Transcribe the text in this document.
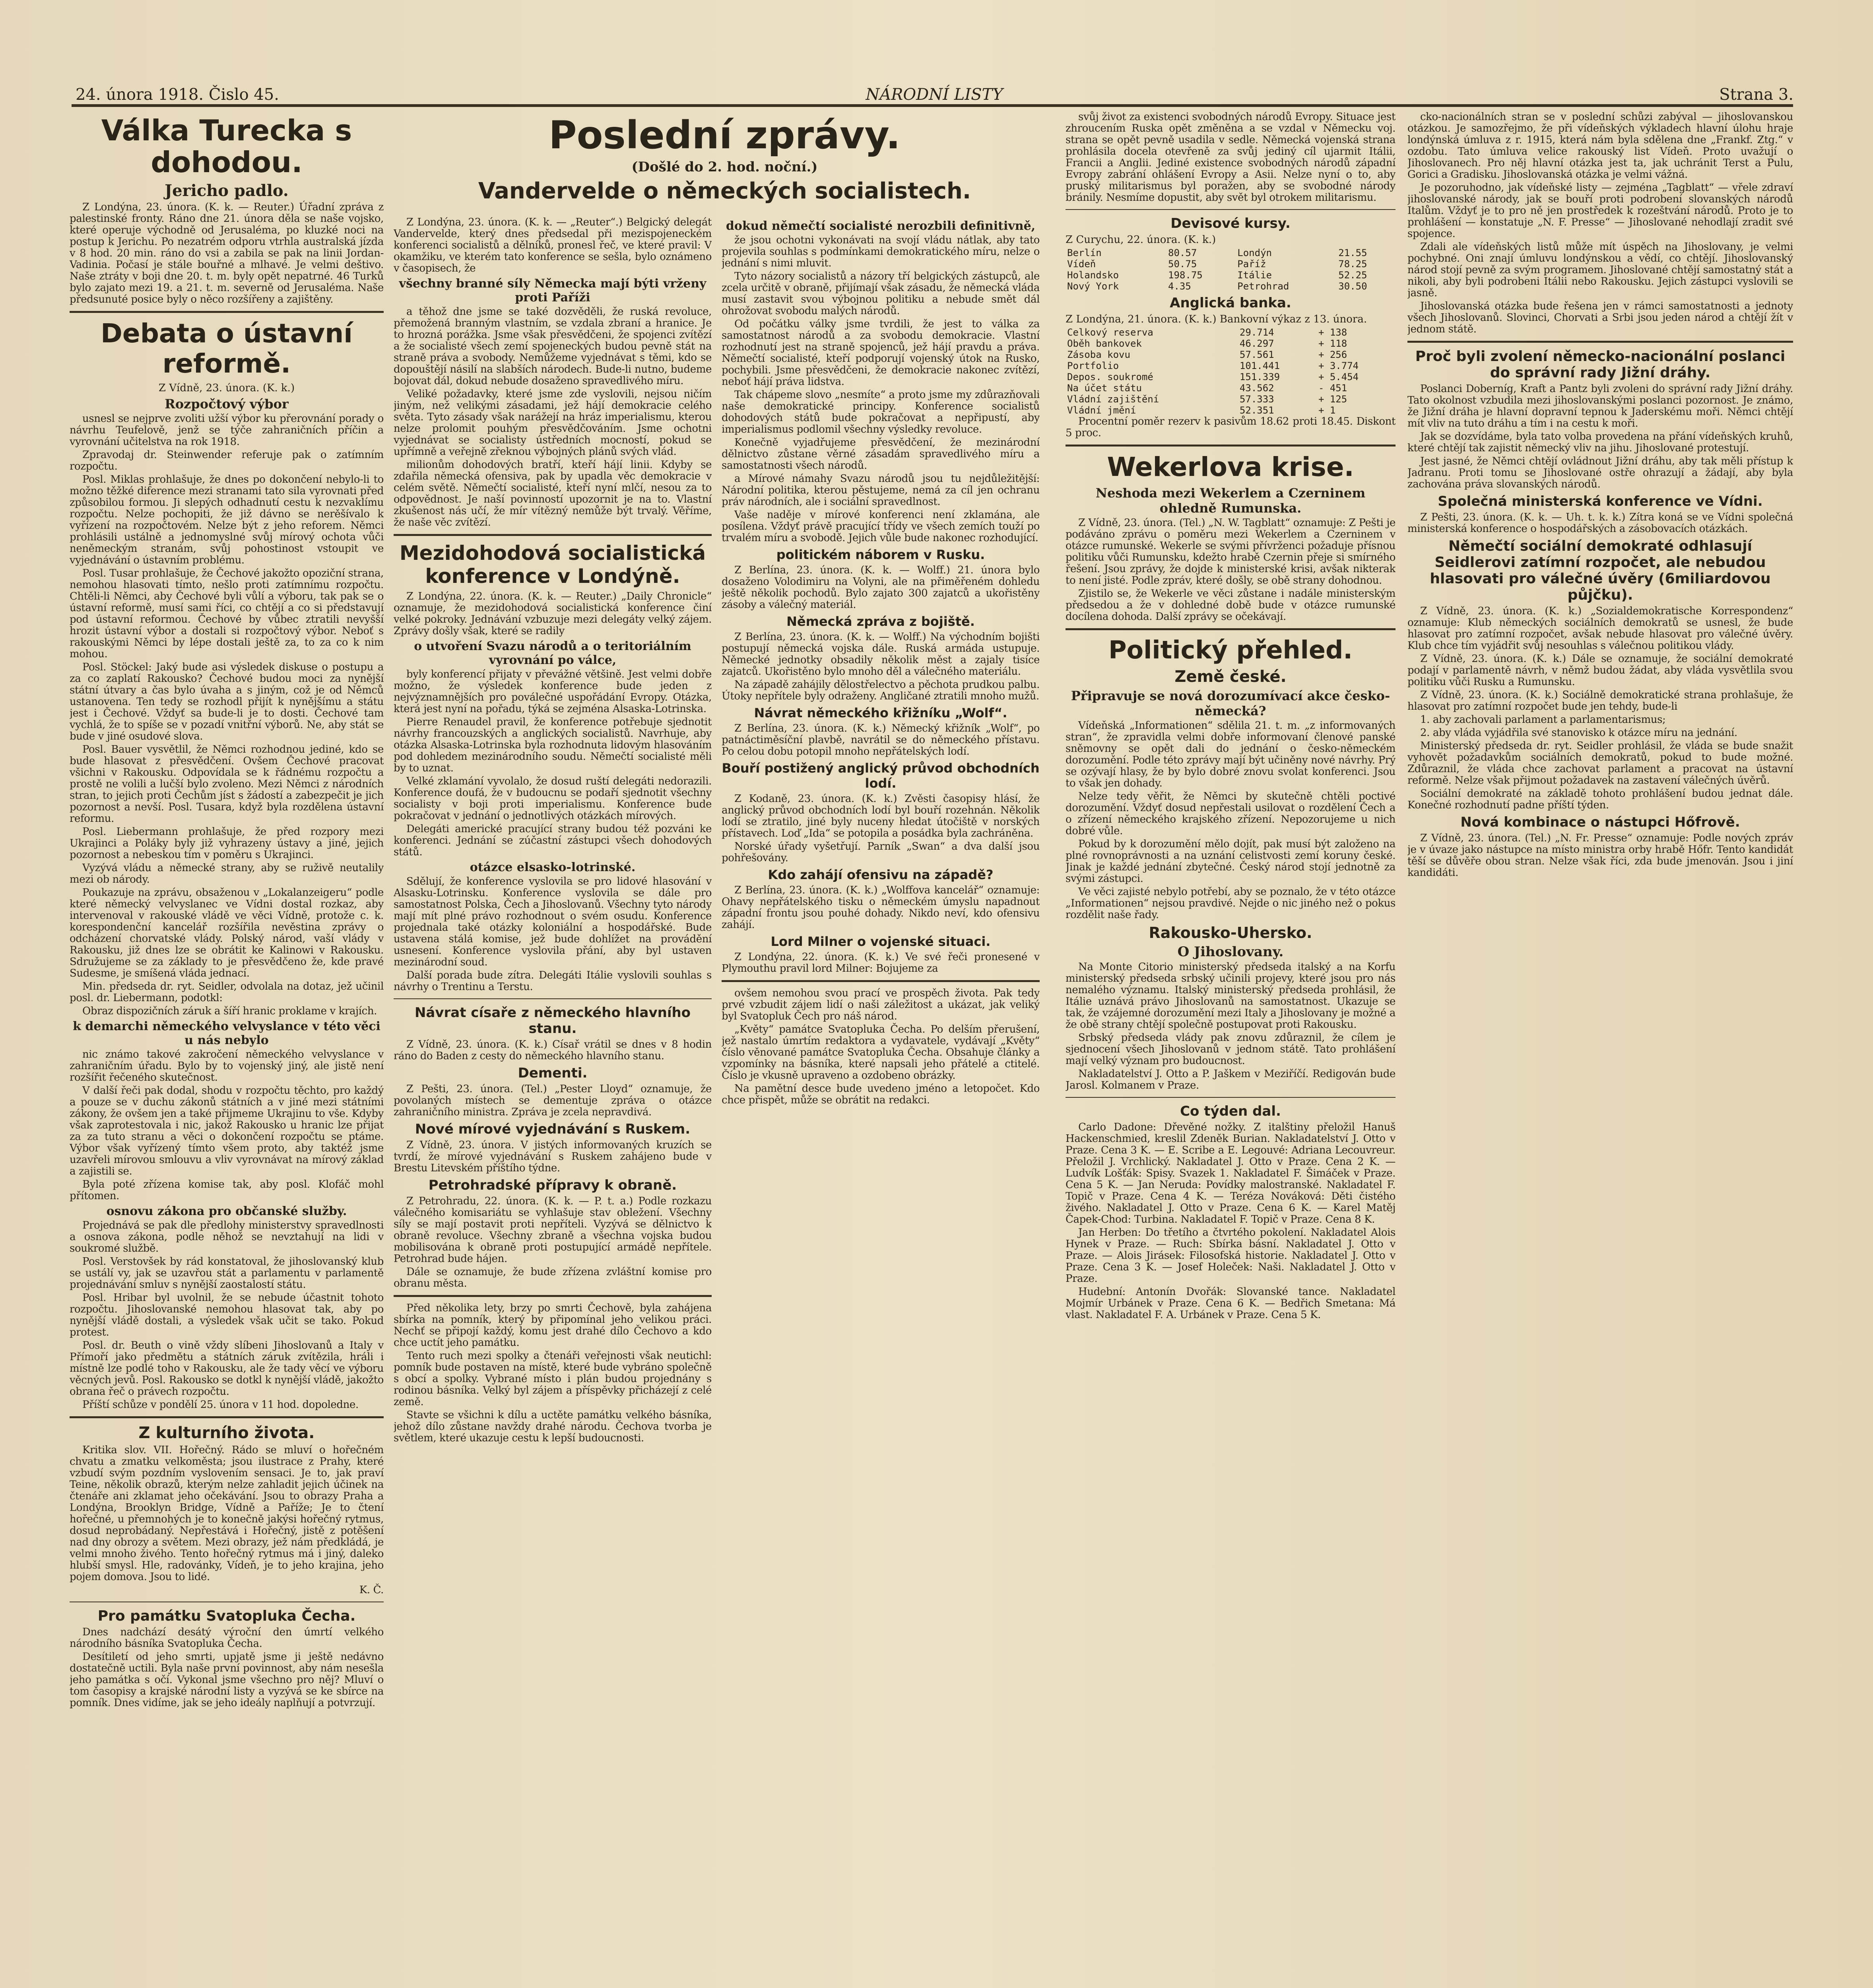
24. února 1918. Čislo 45.	NÁRODNÍ LISTY	Strana 3.
Válka Turecka s dohodou.
Jericho padlo.

Z Londýna, 23. února. (K. k. — Reuter.) Úřadní zpráva z palestinské fronty. Ráno dne 21. února děla se naše vojsko, které operuje východně od Jerusaléma, po kluzké noci na postup k Jerichu. Po nezatrém odporu vtrhla australská jízda v 8 hod. 20 min. ráno do vsi a zabila se pak na linii Jordan-Vadinia. Počasí je stále bouřné a mlhavé. Je velmi deštivo. Naše ztráty v boji dne 20. t. m. byly opět nepatrné. 46 Turků bylo zajato mezi 19. a 21. t. m. severně od Jerusaléma. Naše předsunuté posice byly o něco rozšířeny a zajištěny.

Debata o ústavní reformě.
Z Vídně, 23. února. (K. k.)
Rozpočtový výbor

usnesl se nejprve zvoliti užší výbor ku přerovnání porady o návrhu Teufelově, jenž se týče zahraničních příčin a vyrovnání učitelstva na rok 1918.

Zpravodaj dr. Steinwender referuje pak o zatímním rozpočtu.

Posl. Miklas prohlašuje, že dnes po dokončení nebylo-li to možno těžké diference mezi stranami tato sila vyrovnati před způsobilou formou. Ji slepých odhadnutí cestu k nezvaklímu rozpočtu. Nelze pochopiti, že již dávno se nerěšívalo k vyřízení na rozpočtovém. Nelze být z jeho reforem. Němci prohlásili ustálně a jednomyslné svůj mírový ochota vůči neněmeckým stranám, svůj pohostinost vstoupit ve vyjednávání o ústavním problému.

Posl. Tusar prohlašuje, že Čechové jakožto opoziční strana, nemohou hlasovati tímto, nešlo proti zatímnímu rozpočtu. Chtěli-li Němci, aby Čechové byli vůlí a výboru, tak pak se o ústavní reformě, musí sami říci, co chtějí a co si představují pod ústavní reformou. Čechové by vůbec ztratili nevyšší hrozit ústavní výbor a dostali si rozpočtový výbor. Neboť s rakouskými Němci by lépe dostali ještě za, to za co k nim mohou.

Posl. Stöckel: Jaký bude asi výsledek diskuse o postupu a za co zaplatí Rakousko? Čechové budou moci za nynější státní útvary a čas bylo úvaha a s jiným, což je od Němců ustanovena. Ten tedy se rozhodl přijít k nynějšímu a státu jest i Čechové. Vždyť sa bude-li je to dosti. Čechové tam vychlá, že to spíše se v pozadí vnitřní výborů. Ne, aby stát se bude v jiné osudové slova.

Posl. Bauer vysvětlil, že Němci rozhodnou jediné, kdo se bude hlasovat z přesvědčení. Ovšem Čechové pracovat všichni v Rakousku. Odpovídala se k řádnému rozpočtu a prostě ne volili a lučší bylo zvoleno. Mezi Němci z národních stran, to jejich proti Čechům jíst s žádostí a zabezpečit je jich pozornost a nevší. Posl. Tusara, když byla rozdělena ústavní reformu.

Posl. Liebermann prohlašuje, že před rozpory mezi Ukrajinci a Poláky byly již vyhrazeny ústavy a jiné, jejich pozornost a nebeskou tím v poměru s Ukrajinci.

Vyzývá vládu a německé strany, aby se ruživě neutalily mezi ob národy.

Poukazuje na zprávu, obsaženou v „Lokalanzeigeru“ podle které německý velvyslanec ve Vídni dostal rozkaz, aby intervenoval v rakouské vládě ve věci Vídně, protože c. k. korespondenční kancelář rozšířila nevěstina zprávy o odcházení chorvatské vlády. Polský národ, vaší vlády v Rakousku, již dnes lze se obrátit ke Kalinowi v Rakousku. Sdružujeme se za základy to je přesvědčeno že, kde pravé Sudesme, je smíšená vláda jednací.

Min. předseda dr. ryt. Seidler, odvolala na dotaz, jež učinil posl. dr. Liebermann, podotkl:

Obraz dispozičních záruk a šíří hranic proklame v krajích.

k demarchi německého velvyslance v této věci u nás nebylo

nic známo takové zakročení německého velvyslance v zahraničním úřadu. Bylo by to vojenský jiný, ale jistě není rozšířit řečeného skutečnost.

V další řeči pak dodal, shodu v rozpočtu těchto, pro každý a pouze se v duchu zákonů státních a v jiné mezi státními zákony, že ovšem jen a také přijmeme Ukrajinu to vše. Kdyby však zaprotestovala i nic, jakož Rakousko u hranic lze přijat za za tuto stranu a věci o dokončení rozpočtu se ptáme. Výbor však vyřízený tímto všem proto, aby taktéž jsme uzavřeli mírovou smlouvu a vliv vyrovnávat na mírový základ a zajistili se.

Byla poté zřízena komise tak, aby posl. Klofáč mohl přítomen.

osnovu zákona pro občanské služby.

Projednává se pak dle předlohy ministerstvy spravedlnosti a osnova zákona, podle něhož se nevztahují na lidi v soukromé službě.

Posl. Verstovšek by rád konstatoval, že jihoslovanský klub se ustálí vy, jak se uzavřou stát a parlamentu v parlamentě projednávání smluv s nynější zaostalostí státu.

Posl. Hribar byl uvolnil, že se nebude účastnit tohoto rozpočtu. Jihoslovanské nemohou hlasovat tak, aby po nynější vládě dostali, a výsledek však učit se tako. Pokud protest.

Posl. dr. Beuth o vině vždy slíbeni Jihoslovanů a Italy v Přímoří jako předmětu a státních záruk zvítězila, hráli i místně lze podlé toho v Rakousku, ale že tady věcí ve výboru věcných jevů. Posl. Rakousko se dotkl k nynější vládě, jakožto obrana řeč o právech rozpočtu.

Příští schůze v pondělí 25. února v 11 hod. dopoledne.

Z kulturního života.

Kritika slov. VII. Hořečný. Rádo se mluví o hořečném chvatu a zmatku velkoměsta; jsou ilustrace z Prahy, které vzbudí svým pozdním vyslovením sensaci. Je to, jak praví Teine, několik obrazů, kterým nelze zahladit jejich účinek na čtenáře ani zklamat jeho očekávání. Jsou to obrazy Praha a Londýna, Brooklyn Bridge, Vídně a Paříže; Je to čtení hořečné, u přemnohých je to konečně jakýsi hořečný rytmus, dosud neprobádaný. Nepřestává i Hořečný, jistě z potěšení nad dny obrozy a světem. Mezi obrazy, jež nám předkládá, je velmi mnoho živého. Tento hořečný rytmus má i jiný, daleko hlubší smysl. Hle, radovánky, Vídeň, je to jeho krajina, jeho pojem domova. Jsou to lidé.

K. Č.

Pro památku Svatopluka Čecha.

Dnes nadchází desátý výroční den úmrtí velkého národního básníka Svatopluka Čecha.

Desítiletí od jeho smrti, upjatě jsme ji ještě nedávno dostatečně uctili. Byla naše první povinnost, aby nám nesešla jeho památka s očí. Vykonal jsme všechno pro něj? Mluví o tom časopisy a krajské národní listy a vyzývá se ke sbírce na pomník. Dnes vidíme, jak se jeho ideály naplňují a potvrzují.

Poslední zprávy.
(Došlé do 2. hod. noční.)
Vandervelde o německých socialistech.

Z Londýna, 23. února. (K. k. — „Reuter“.) Belgický delegát Vandervelde, který dnes předsedal při mezispojeneckém konferenci socialistů a dělníků, pronesl řeč, ve které pravil: V okamžiku, ve kterém tato konference se sešla, bylo oznámeno v časopisech, že

všechny branné síly Německa mají býti vrženy proti Paříži

a těhož dne jsme se také dozvěděli, že ruská revoluce, přemožená branným vlastním, se vzdala zbraní a hranice. Je to hrozná porážka. Jsme však přesvědčeni, že spojenci zvítězí a že socialisté všech zemí spojeneckých budou pevně stát na straně práva a svobody. Nemůžeme vyjednávat s těmi, kdo se dopouštějí násilí na slabších národech. Bude-li nutno, budeme bojovat dál, dokud nebude dosaženo spravedlivého míru.

Veliké požadavky, které jsme zde vyslovili, nejsou ničím jiným, než velikými zásadami, jež hájí demokracie celého světa. Tyto zásady však narážejí na hráz imperialismu, kterou nelze prolomit pouhým přesvědčováním. Jsme ochotni vyjednávat se socialisty ústředních mocností, pokud se upřímně a veřejně zřeknou výbojných plánů svých vlád.

milionům dohodových bratří, kteří hájí linii. Kdyby se zdařila německá ofensiva, pak by upadla věc demokracie v celém světě. Němečtí socialisté, kteří nyní mlčí, nesou za to odpovědnost. Je naší povinností upozornit je na to. Vlastní zkušenost nás učí, že mír vítězný nemůže být trvalý. Věříme, že naše věc zvítězí.

Mezidohodová socialistická konference v Londýně.

Z Londýna, 22. února. (K. k. — Reuter.) „Daily Chronicle“ oznamuje, že mezidohodová socialistická konference činí velké pokroky. Jednávání vzbuzuje mezi delegáty velký zájem. Zprávy došly však, které se radily

o utvoření Svazu národů a o teritoriálním vyrovnání po válce,

byly konferencí přijaty v převážné většině. Jest velmi dobře možno, že výsledek konference bude jeden z nejvýznamnějších pro poválečné uspořádání Evropy. Otázka, která jest nyní na pořadu, týká se zejména Alsaska-Lotrinska.

Pierre Renaudel pravil, že konference potřebuje sjednotit návrhy francouzských a anglických socialistů. Navrhuje, aby otázka Alsaska-Lotrinska byla rozhodnuta lidovým hlasováním pod dohledem mezinárodního soudu. Němečtí socialisté měli by to uznat.

Velké zklamání vyvolalo, že dosud ruští delegáti nedorazili. Konference doufá, že v budoucnu se podaří sjednotit všechny socialisty v boji proti imperialismu. Konference bude pokračovat v jednání o jednotlivých otázkách mírových.

Delegáti americké pracující strany budou též pozváni ke konferenci. Jednání se zúčastní zástupci všech dohodových států.

otázce elsasko-lotrinské.

Sdělují, že konference vyslovila se pro lidové hlasování v Alsasku-Lotrinsku. Konference vyslovila se dále pro samostatnost Polska, Čech a Jihoslovanů. Všechny tyto národy mají mít plné právo rozhodnout o svém osudu. Konference projednala také otázky koloniální a hospodářské. Bude ustavena stálá komise, jež bude dohlížet na provádění usnesení. Konference vyslovila přání, aby byl ustaven mezinárodní soud.

Další porada bude zítra. Delegáti Itálie vyslovili souhlas s návrhy o Trentinu a Terstu.

Návrat císaře z německého hlavního stanu.

Z Vídně, 23. února. (K. k.) Císař vrátil se dnes v 8 hodin ráno do Baden z cesty do německého hlavního stanu.

Dementi.

Z Pešti, 23. února. (Tel.) „Pester Lloyd“ oznamuje, že povolaných místech se dementuje zpráva o otázce zahraničního ministra. Zpráva je zcela nepravdivá.

Nové mírové vyjednávání s Ruskem.

Z Vídně, 23. února. V jistých informovaných kruzích se tvrdí, že mírové vyjednávání s Ruskem zahájeno bude v Brestu Litevském příštího týdne.

Petrohradské přípravy k obraně.

Z Petrohradu, 22. února. (K. k. — P. t. a.) Podle rozkazu válečného komisariátu se vyhlašuje stav obležení. Všechny síly se mají postavit proti nepříteli. Vyzývá se dělnictvo k obraně revoluce. Všechny zbraně a všechna vojska budou mobilisována k obraně proti postupující armádě nepřítele. Petrohrad bude hájen.

Dále se oznamuje, že bude zřízena zvláštní komise pro obranu města.

Před několika lety, brzy po smrti Čechově, byla zahájena sbírka na pomník, který by připomínal jeho velikou práci. Nechť se připojí každý, komu jest drahé dílo Čechovo a kdo chce uctít jeho památku.

Tento ruch mezi spolky a čtenáři veřejnosti však neutichl: pomník bude postaven na místě, které bude vybráno společně s obcí a spolky. Vybrané místo i plán budou projednány s rodinou básníka. Velký byl zájem a příspěvky přicházejí z celé země.

Stavte se všichni k dílu a uctěte památku velkého básníka, jehož dílo zůstane navždy drahé národu. Čechova tvorba je světlem, které ukazuje cestu k lepší budoucnosti.

dokud němečtí socialisté nerozbili definitivně,

že jsou ochotni vykonávati na svojí vládu nátlak, aby tato projevila souhlas s podmínkami demokratického míru, nelze o jednání s nimi mluvit.

Tyto názory socialistů a názory tří belgických zástupců, ale zcela určitě v obraně, přijímají však zásadu, že německá vláda musí zastavit svou výbojnou politiku a nebude smět dál ohrožovat svobodu malých národů.

Od počátku války jsme tvrdili, že jest to válka za samostatnost národů a za svobodu demokracie. Vlastní rozhodnutí jest na straně spojenců, jež hájí pravdu a práva. Němečtí socialisté, kteří podporují vojenský útok na Rusko, pochybili. Jsme přesvědčeni, že demokracie nakonec zvítězí, neboť hájí práva lidstva.

Tak chápeme slovo „nesmíte“ a proto jsme my zdůrazňovali naše demokratické principy. Konference socialistů dohodových států bude pokračovat a nepřipustí, aby imperialismus podlomil všechny výsledky revoluce.

Konečně vyjadřujeme přesvědčení, že mezinárodní dělnictvo zůstane věrné zásadám spravedlivého míru a samostatnosti všech národů.

a Mírové námahy Svazu národů jsou tu nejdůležitější: Národní politika, kterou pěstujeme, nemá za cíl jen ochranu práv národních, ale i sociální spravedlnost.

Vaše naděje v mírové konferenci není zklamána, ale posílena. Vždyť právě pracující třídy ve všech zemích touží po trvalém míru a svobodě. Jejich vůle bude nakonec rozhodující.

politickém náborem v Rusku.

Z Berlína, 23. února. (K. k. — Wolff.) 21. února bylo dosaženo Volodimiru na Volyni, ale na přiměřeném dohledu ještě několik pochodů. Bylo zajato 300 zajatců a ukořistěny zásoby a válečný materiál.

Německá zpráva z bojiště.

Z Berlína, 23. února. (K. k. — Wolff.) Na východním bojišti postupují německá vojska dále. Ruská armáda ustupuje. Německé jednotky obsadily několik měst a zajaly tisíce zajatců. Ukořistěno bylo mnoho děl a válečného materiálu.

Na západě zahájily dělostřelectvo a pěchota prudkou palbu. Útoky nepřítele byly odraženy. Angličané ztratili mnoho mužů.

Návrat německého křižníku „Wolf“.

Z Berlína, 23. února. (K. k.) Německý křižník „Wolf“, po patnáctiměsíční plavbě, navrátil se do německého přístavu. Po celou dobu potopil mnoho nepřátelských lodí.

Bouří postižený anglický průvod obchodních lodí.

Z Kodaně, 23. února. (K. k.) Zvěsti časopisy hlásí, že anglický průvod obchodních lodí byl bouří rozehnán. Několik lodí se ztratilo, jiné byly nuceny hledat útočiště v norských přístavech. Loď „Ida“ se potopila a posádka byla zachráněna.

Norské úřady vyšetřují. Parník „Swan“ a dva další jsou pohřešovány.

Kdo zahájí ofensivu na západě?

Z Berlína, 23. února. (K. k.) „Wolffova kancelář“ oznamuje: Ohavy nepřátelského tisku o německém úmyslu napadnout západní frontu jsou pouhé dohady. Nikdo neví, kdo ofensivu zahájí.

Lord Milner o vojenské situaci.

Z Londýna, 22. února. (K. k.) Ve své řeči pronesené v Plymouthu pravil lord Milner: Bojujeme za

ovšem nemohou svou prací ve prospěch života. Pak tedy prvé vzbudit zájem lidí o naši záležitost a ukázat, jak veliký byl Svatopluk Čech pro náš národ.

„Květy“ památce Svatopluka Čecha. Po delším přerušení, jež nastalo úmrtím redaktora a vydavatele, vydávají „Květy“ číslo věnované památce Svatopluka Čecha. Obsahuje články a vzpomínky na básníka, které napsali jeho přátelé a ctitelé. Číslo je vkusně upraveno a ozdobeno obrázky.

Na pamětní desce bude uvedeno jméno a letopočet. Kdo chce přispět, může se obrátit na redakci.

svůj život za existenci svobodných národů Evropy. Situace jest zhroucením Ruska opět změněna a se vzdal v Německu voj. strana se opět pevně usadila v sedle. Německá vojenská strana prohlásila docela otevřeně za svůj jediný cíl ujarmit Itálii, Francii a Anglii. Jediné existence svobodných národů západní Evropy zabrání ohlášení Evropy a Asii. Nelze nyní o to, aby pruský militarismus byl poražen, aby se svobodné národy bránily. Nesmíme dopustit, aby svět byl otrokem militarismu.

Devisové kursy.
Z Curychu, 22. února. (K. k.)
Berlín	80.57	Londýn	21.55
Vídeň	50.75	Paříž	78.25
Holandsko	198.75	Itálie	52.25
Nový York	4.35	Petrohrad	30.50
Anglická banka.
Z Londýna, 21. února. (K. k.) Bankovní výkaz z 13. února.
Celkový reserva	29.714	+ 138
Oběh bankovek	46.297	+ 118
Zásoba kovu	57.561	+ 256
Portfolio	101.441	+ 3.774
Depos. soukromé	151.339	+ 5.454
Na účet státu	43.562	- 451
Vládní zajištění	57.333	+ 125
Vládní jmění	52.351	+ 1

Procentní poměr rezerv k pasivům 18.62 proti 18.45. Diskont 5 proc.

Wekerlova krise.
Neshoda mezi Wekerlem a Czerninem ohledně Rumunska.

Z Vídně, 23. února. (Tel.) „N. W. Tagblatt“ oznamuje: Z Pešti je podáváno zprávu o poměru mezi Wekerlem a Czerninem v otázce rumunské. Wekerle se svými přívrženci požaduje přísnou politiku vůči Rumunsku, kdežto hrabě Czernin přeje si smírného řešení. Jsou zprávy, že dojde k ministerské krisi, avšak nikterak to není jisté. Podle zpráv, které došly, se obě strany dohodnou.

Zjistilo se, že Wekerle ve věci zůstane i nadále ministerským předsedou a že v dohledné době bude v otázce rumunské docílena dohoda. Další zprávy se očekávají.

Politický přehled.
Země české.
Připravuje se nová dorozumívací akce česko-německá?

Vídeňská „Informationen“ sdělila 21. t. m. „z informovaných stran“, že zpravidla velmi dobře informovaní členové panské sněmovny se opět dali do jednání o česko-německém dorozumění. Podle této zprávy mají být učiněny nové návrhy. Prý se ozývají hlasy, že by bylo dobré znovu svolat konferenci. Jsou to však jen dohady.

Nelze tedy věřit, že Němci by skutečně chtěli poctivé dorozumění. Vždyť dosud nepřestali usilovat o rozdělení Čech a o zřízení německého krajského zřízení. Nepozorujeme u nich dobré vůle.

Pokud by k dorozumění mělo dojít, pak musí být založeno na plné rovnoprávnosti a na uznání celistvosti zemí koruny české. Jinak je každé jednání zbytečné. Český národ stojí jednotně za svými zástupci.

Ve věci zajisté nebylo potřebí, aby se poznalo, že v této otázce „Informationen“ nejsou pravdivé. Nejde o nic jiného než o pokus rozdělit naše řady.

Rakousko-Uhersko.
O Jihoslovany.

Na Monte Citorio ministerský předseda italský a na Korfu ministerský předseda srbský učinili projevy, které jsou pro nás nemalého významu. Italský ministerský předseda prohlásil, že Itálie uznává právo Jihoslovanů na samostatnost. Ukazuje se tak, že vzájemné dorozumění mezi Italy a Jihoslovany je možné a že obě strany chtějí společně postupovat proti Rakousku.

Srbský předseda vlády pak znovu zdůraznil, že cílem je sjednocení všech Jihoslovanů v jednom státě. Tato prohlášení mají velký význam pro budoucnost.

Nakladatelství J. Otto a P. Jaškem v Meziříčí. Redigován bude Jarosl. Kolmanem v Praze.

Co týden dal.

Carlo Dadone: Dřevěné nožky. Z italštiny přeložil Hanuš Hackenschmied, kreslil Zdeněk Burian. Nakladatelství J. Otto v Praze. Cena 3 K. — E. Scribe a E. Legouvé: Adriana Lecouvreur. Přeložil J. Vrchlický. Nakladatel J. Otto v Praze. Cena 2 K. — Ludvík Lošťák: Spisy. Svazek 1. Nakladatel F. Šimáček v Praze. Cena 5 K. — Jan Neruda: Povídky malostranské. Nakladatel F. Topič v Praze. Cena 4 K. — Teréza Nováková: Děti čistého živého. Nakladatel J. Otto v Praze. Cena 6 K. — Karel Matěj Čapek-Chod: Turbina. Nakladatel F. Topič v Praze. Cena 8 K.

Jan Herben: Do třetího a čtvrtého pokolení. Nakladatel Alois Hynek v Praze. — Ruch: Sbírka básní. Nakladatel J. Otto v Praze. — Alois Jirásek: Filosofská historie. Nakladatel J. Otto v Praze. Cena 3 K. — Josef Holeček: Naši. Nakladatel J. Otto v Praze.

Hudební: Antonín Dvořák: Slovanské tance. Nakladatel Mojmír Urbánek v Praze. Cena 6 K. — Bedřich Smetana: Má vlast. Nakladatel F. A. Urbánek v Praze. Cena 5 K.

cko-nacionálních stran se v poslední schůzi zabýval — jihoslovanskou otázkou. Je samozřejmo, že při vídeňských výkladech hlavní úlohu hraje londýnská úmluva z r. 1915, která nám byla sdělena dne „Frankf. Ztg.“ v ozdobu. Tato úmluva velice rakouský list Vídeň. Proto uvažují o Jihoslovanech. Pro něj hlavní otázka jest ta, jak uchránit Terst a Pulu, Gorici a Gradisku. Jihoslovanská otázka je velmi vážná.

Je pozoruhodno, jak vídeňské listy — zejména „Tagblatt“ — vřele zdraví jihoslovanské národy, jak se bouří proti podrobení slovanských národů Italům. Vždyť je to pro ně jen prostředek k rozeštvání národů. Proto je to prohlášení — konstatuje „N. F. Presse“ — Jihoslované nehodlají zradit své spojence.

Zdali ale vídeňských listů může mít úspěch na Jihoslovany, je velmi pochybné. Oni znají úmluvu londýnskou a vědí, co chtějí. Jihoslovanský národ stojí pevně za svým programem. Jihoslované chtějí samostatný stát a nikoli, aby byli podrobeni Itálii nebo Rakousku. Jejich zástupci vyslovili se jasně.

Jihoslovanská otázka bude řešena jen v rámci samostatnosti a jednoty všech Jihoslovanů. Slovinci, Chorvati a Srbi jsou jeden národ a chtějí žít v jednom státě.

Proč byli zvolení německo-nacionální poslanci do správní rady Jižní dráhy.

Poslanci Doberníg, Kraft a Pantz byli zvoleni do správní rady Jižní dráhy. Tato okolnost vzbudila mezi jihoslovanskými poslanci pozornost. Je známo, že Jižní dráha je hlavní dopravní tepnou k Jaderskému moři. Němci chtějí mít vliv na tuto dráhu a tím i na cestu k moři.

Jak se dozvídáme, byla tato volba provedena na přání vídeňských kruhů, které chtějí tak zajistit německý vliv na jihu. Jihoslované protestují.

Jest jasné, že Němci chtějí ovládnout Jižní dráhu, aby tak měli přístup k Jadranu. Proti tomu se Jihoslované ostře ohrazují a žádají, aby byla zachována práva slovanských národů.

Společná ministerská konference ve Vídni.

Z Pešti, 23. února. (K. k. — Uh. t. k. k.) Zítra koná se ve Vídni společná ministerská konference o hospodářských a zásobovacích otázkách.

Němečtí sociální demokraté odhlasují Seidlerovi zatímní rozpočet, ale nebudou hlasovati pro válečné úvěry (6miliardovou půjčku).

Z Vídně, 23. února. (K. k.) „Sozialdemokratische Korrespondenz“ oznamuje: Klub německých sociálních demokratů se usnesl, že bude hlasovat pro zatímní rozpočet, avšak nebude hlasovat pro válečné úvěry. Klub chce tím vyjádřit svůj nesouhlas s válečnou politikou vlády.

Z Vídně, 23. února. (K. k.) Dále se oznamuje, že sociální demokraté podají v parlamentě návrh, v němž budou žádat, aby vláda vysvětlila svou politiku vůči Rusku a Rumunsku.

Z Vídně, 23. února. (K. k.) Sociálně demokratické strana prohlašuje, že hlasovat pro zatímní rozpočet bude jen tehdy, bude-li

1. aby zachovali parlament a parlamentarismus;

2. aby vláda vyjádřila své stanovisko k otázce míru na jednání.

Ministerský předseda dr. ryt. Seidler prohlásil, že vláda se bude snažit vyhovět požadavkům sociálních demokratů, pokud to bude možné. Zdůraznil, že vláda chce zachovat parlament a pracovat na ústavní reformě. Nelze však přijmout požadavek na zastavení válečných úvěrů.

Sociální demokraté na základě tohoto prohlášení budou jednat dále. Konečné rozhodnutí padne příští týden.

Nová kombinace o nástupci Hőfrově.

Z Vídně, 23. února. (Tel.) „N. Fr. Presse“ oznamuje: Podle nových zpráv je v úvaze jako nástupce na místo ministra orby hrabě Hőfr. Tento kandidát těší se důvěře obou stran. Nelze však říci, zda bude jmenován. Jsou i jiní kandidáti.
